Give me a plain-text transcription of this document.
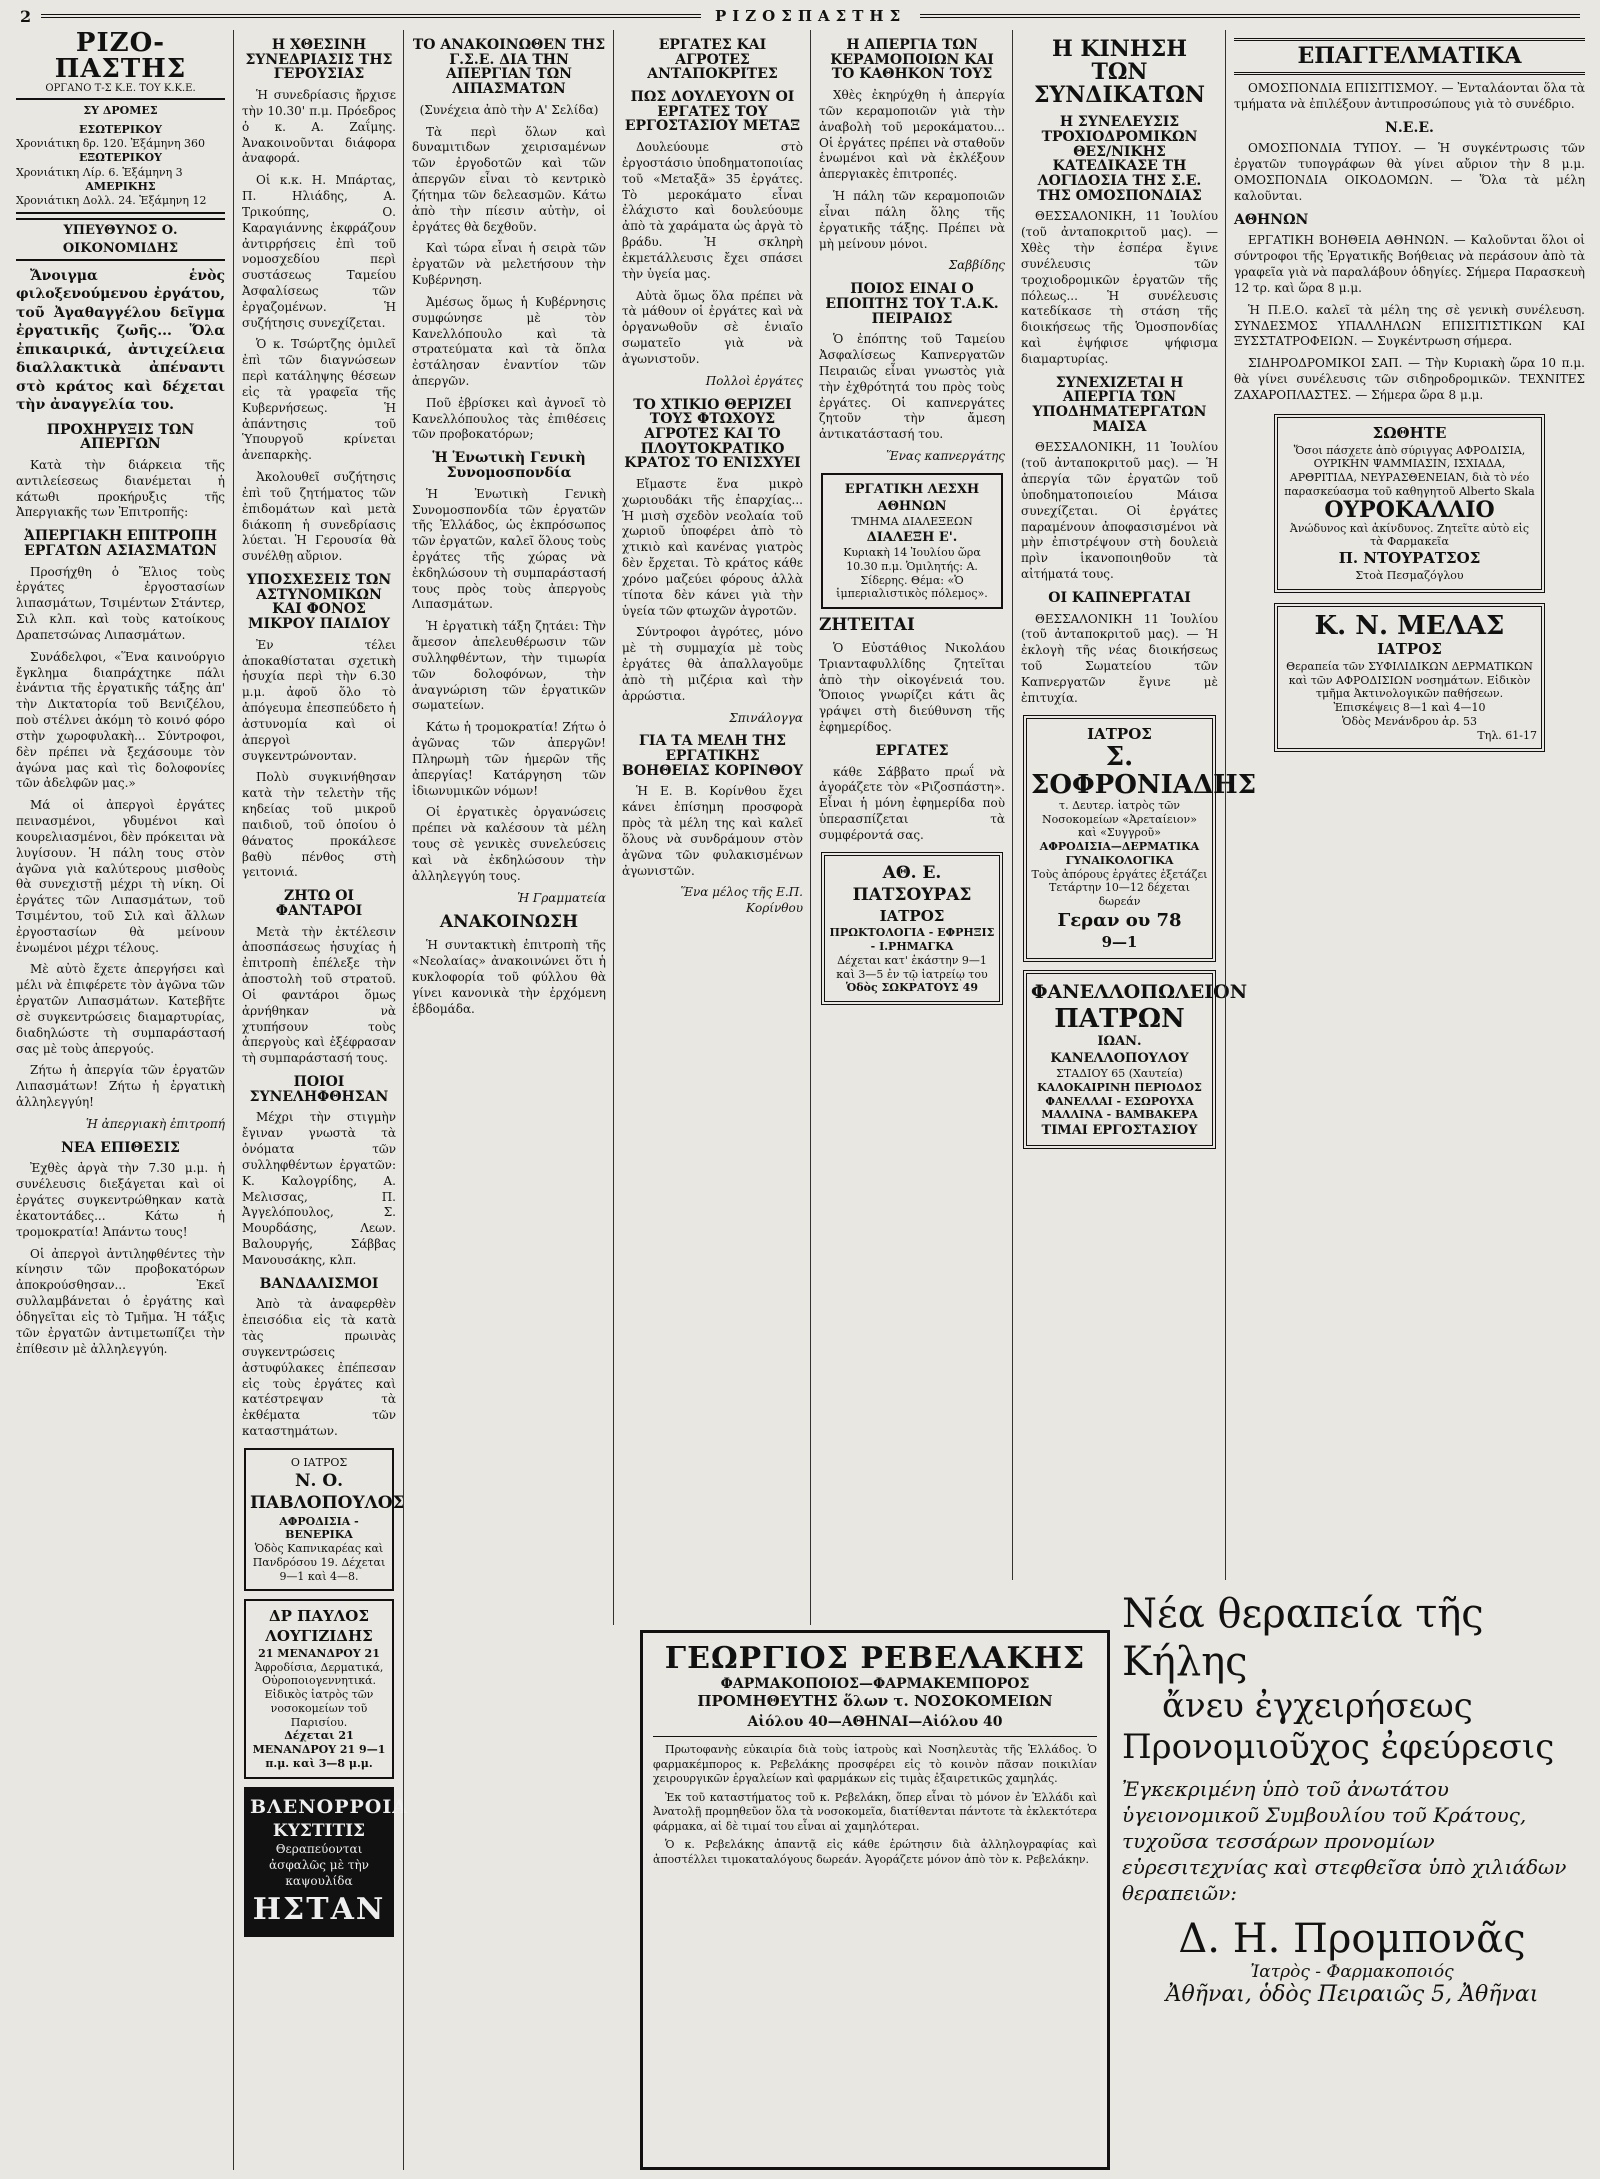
2	ΡΙΖΟΣΠΑΣΤΗΣ
ΡΙΖΟ-ΠΑΣΤΗΣ
ΟΡΓΑΝΟ Τ-Σ Κ.Ε. ΤΟΥ Κ.Κ.Ε.
ΣΥ ΔΡΟΜΕΣ
ΕΣΩΤΕΡΙΚΟΥ
Χρονιάτικη δρ. 120. Ἑξάμηνη 360
ΕΞΩΤΕΡΙΚΟΥ
Χρονιάτικη Λίρ. 6. Ἑξάμηνη 3
ΑΜΕΡΙΚΗΣ
Χρονιάτικη Δολλ. 24. Ἑξάμηνη 12
ΥΠΕΥΘΥΝΟΣ Ο. ΟΙΚΟΝΟΜΙΔΗΣ

Ἄνοιγμα ἑνὸς φιλοξενούμενου ἐργάτου, τοῦ Ἀγαθαγγέλου δεῖγμα ἐργατικῆς ζωῆς... Ὅλα ἐπικαιρικά, ἀντιχείλεια διαλλακτικὰ ἀπέναντι στὸ κράτος καὶ δέχεται τὴν ἀναγγελία του.

ΠΡΟΧΗΡΥΞΙΣ ΤΩΝ ΑΠΕΡΓΩΝ

Κατὰ τὴν διάρκεια τῆς αντιλείεσεως διανέμεται ἡ κάτωθι προκήρυξις τῆς Ἀπεργιακῆς των Ἐπιτροπῆς:

ἈΠΕΡΓΙΑΚΗ ΕΠΙΤΡΟΠΗ ΕΡΓΑΤΩΝ ΑΣΙΑΣΜΑΤΩΝ

Προσήχθη ὁ Ἔλιος τοὺς ἐργάτες ἐργοστασίων λιπασμάτων, Τσιμέντων Στάντερ, Σιλ κλπ. καὶ τοὺς κατοίκους Δραπετσώνας Λιπασμάτων.

Συνάδελφοι, «Ἕνα καινούργιο ἔγκλημα διαπράχτηκε πάλι ἐνάντια τῆς ἐργατικῆς τάξης ἀπ' τὴν Δικτατορία τοῦ Βενιζέλου, ποὺ στέλνει ἀκόμη τὸ κοινό φόρο στὴν χωροφυλακὴ... Σύντροφοι, δὲν πρέπει νὰ ξεχάσουμε τὸν ἀγώνα μας καὶ τὶς δολοφονίες τῶν ἀδελφῶν μας.»

Μά οἱ ἀπεργοὶ ἐργάτες πεινασμένοι, γδυμένοι καὶ κουρελιασμένοι, δὲν πρόκειται νὰ λυγίσουν. Ἡ πάλη τους στὸν ἀγῶνα γιὰ καλύτερους μισθοὺς θὰ συνεχιστῇ μέχρι τὴ νίκη. Οἱ ἐργάτες τῶν Λιπασμάτων, τοῦ Τσιμέντου, τοῦ Σιλ καὶ ἄλλων ἐργοστασίων θὰ μείνουν ἑνωμένοι μέχρι τέλους.

Μὲ αὐτὸ ἔχετε ἀπεργήσει καὶ μέλι νὰ ἐπιφέρετε τὸν ἀγῶνα τῶν ἐργατῶν Λιπασμάτων. Κατεβῆτε σὲ συγκεντρώσεις διαμαρτυρίας, διαδηλώστε τὴ συμπαράστασή σας μὲ τοὺς ἀπεργούς.

Ζήτω ἡ ἀπεργία τῶν ἐργατῶν Λιπασμάτων! Ζήτω ἡ ἐργατικὴ ἀλληλεγγύη!

Ἡ ἀπεργιακὴ ἐπιτροπή
ΝΕΑ ΕΠΙΘΕΣΙΣ

Ἐχθὲς ἀργὰ τὴν 7.30 μ.μ. ἡ συνέλευσις διεξάγεται καὶ οἱ ἐργάτες συγκεντρώθηκαν κατὰ ἑκατοντάδες... Κάτω ἡ τρομοκρατία! Ἀπάντω τους!

Οἱ ἀπεργοὶ ἀντιληφθέντες τὴν κίνησιν τῶν προβοκατόρων ἀποκρούσθησαν... Ἐκεῖ συλλαμβάνεται ὁ ἐργάτης καὶ ὁδηγεῖται εἰς τὸ Τμῆμα. Ἡ τάξις τῶν ἐργατῶν ἀντιμετωπίζει τὴν ἐπίθεσιν μὲ ἀλληλεγγύη.

Η ΧΘΕΣΙΝΗ ΣΥΝΕΔΡΙΑΣΙΣ ΤΗΣ ΓΕΡΟΥΣΙΑΣ

Ἡ συνεδρίασις ἤρχισε τὴν 10.30' π.μ. Πρόεδρος ὁ κ. Α. Ζαΐμης. Ἀνακοινοῦνται διάφορα ἀναφορά.

Οἱ κ.κ. Η. Μπάρτας, Π. Ηλιάδης, Α. Τρικούπης, Ο. Καραγιάννης ἐκφράζουν ἀντιρρήσεις ἐπὶ τοῦ νομοσχεδίου περὶ συστάσεως Ταμείου Ἀσφαλίσεως τῶν ἐργαζομένων. Ἡ συζήτησις συνεχίζεται.

Ὁ κ. Τσώρτζης ὁμιλεῖ ἐπὶ τῶν διαγνώσεων περὶ κατάληψης θέσεων εἰς τὰ γραφεῖα τῆς Κυβερνήσεως. Ἡ ἀπάντησις τοῦ Ὑπουργοῦ κρίνεται ἀνεπαρκὴς.

Ἀκολουθεῖ συζήτησις ἐπὶ τοῦ ζητήματος τῶν ἐπιδομάτων καὶ μετὰ διάκοπη ἡ συνεδρίασις λύεται. Ἡ Γερουσία θὰ συνέλθῃ αὔριον.

ΥΠΟΣΧΕΣΕΙΣ ΤΩΝ ΑΣΤΥΝΟΜΙΚΩΝ ΚΑΙ ΦΟΝΟΣ ΜΙΚΡΟΥ ΠΑΙΔΙΟΥ

Ἐν τέλει ἀποκαθίσταται σχετικὴ ἡσυχία περὶ τὴν 6.30 μ.μ. ἀφοῦ ὅλο τὸ ἀπόγευμα ἐπεσπεύδετο ἡ ἀστυνομία καὶ οἱ ἀπεργοὶ συγκεντρώνονταν.

Πολὺ συγκινήθησαν κατὰ τὴν τελετὴν τῆς κηδείας τοῦ μικροῦ παιδιοῦ, τοῦ ὁποίου ὁ θάνατος προκάλεσε βαθὺ πένθος στὴ γειτονιά.

ΖΗΤΩ ΟΙ ΦΑΝΤΑΡΟΙ

Μετὰ τὴν ἐκτέλεσιν ἀποσπάσεως ἡσυχίας ἡ ἐπιτροπὴ ἐπέλεξε τὴν ἀποστολὴ τοῦ στρατοῦ. Οἱ φαντάροι ὅμως ἀρνήθηκαν νὰ χτυπήσουν τοὺς ἀπεργοὺς καὶ ἐξέφρασαν τὴ συμπαράστασή τους.

ΠΟΙΟΙ ΣΥΝΕΛΗΦΘΗΣΑΝ

Μέχρι τὴν στιγμὴν ἔγιναν γνωστὰ τὰ ὀνόματα τῶν συλληφθέντων ἐργατῶν: Κ. Καλογρίδης, Α. Μελισσας, Π. Ἀγγελόπουλος, Σ. Μουρδάσης, Λεων. Βαλουργής, Σάββας Μανουσάκης, κλπ.

ΒΑΝΔΑΛΙΣΜΟΙ

Ἀπὸ τὰ ἀναφερθὲν ἐπεισόδια εἰς τὰ κατὰ τὰς πρωινὰς συγκεντρώσεις ἀστυφύλακες ἐπέπεσαν εἰς τοὺς ἐργάτες καὶ κατέστρεψαν τὰ ἐκθέματα τῶν καταστημάτων.

Ο ΙΑΤΡΟΣ
Ν. Ο. ΠΑΒΛΟΠΟΥΛΟΣ
ΑΦΡΟΔΙΣΙΑ - ΒΕΝΕΡΙΚΑ
Ὁδὸς Καπνικαρέας καὶ Πανδρόσου 19. Δέχεται 9—1 καὶ 4—8.
ΔΡ ΠΑΥΛΟΣ ΛΟΥΓΙΖΙΔΗΣ
21 ΜΕΝΑΝΔΡΟΥ 21
Ἀφροδίσια, Δερματικά, Οὐροποιογεννητικά. Εἰδικὸς ἰατρὸς τῶν νοσοκομείων τοῦ Παρισίου.
Δέχεται 21 ΜΕΝΑΝΔΡΟΥ 21 9—1 π.μ. καὶ 3—8 μ.μ.
ΒΛΕΝΟΡΡΟΙΑ
ΚΥΣΤΙΤΙΣ
Θεραπεύονται ἀσφαλῶς μὲ τὴν καψουλίδα
ΗΣΤΑΝ
ΤΟ ΑΝΑΚΟΙΝΩΘΕΝ ΤΗΣ Γ.Σ.Ε. ΔΙΑ ΤΗΝ ΑΠΕΡΓΙΑΝ ΤΩΝ ΛΙΠΑΣΜΑΤΩΝ

(Συνέχεια ἀπὸ τὴν Α' Σελίδα)

Τὰ περὶ ὅλων καὶ δυναμιτιδων χειρισαμένων τῶν ἐργοδοτῶν καὶ τῶν ἀπεργῶν εἶναι τὸ κεντρικὸ ζήτημα τῶν δελεασμῶν. Κάτω ἀπὸ τὴν πίεσιν αὐτὴν, οἱ ἐργάτες θὰ δεχθοῦν.

Καὶ τώρα εἶναι ἡ σειρὰ τῶν ἐργατῶν νὰ μελετήσουν τὴν Κυβέρνηση.

Ἀμέσως ὅμως ἡ Κυβέρνησις συμφώνησε μὲ τὸν Κανελλόπουλο καὶ τὰ στρατεύματα καὶ τὰ ὅπλα ἐστάλησαν ἐναντίον τῶν ἀπεργῶν.

Ποῦ ἐβρίσκει καὶ ἀγνοεῖ τὸ Κανελλόπουλος τὰς ἐπιθέσεις τῶν προβοκατόρων;

Ἡ Ἑνωτικὴ Γενικὴ Συνομοσπονδία

Ἡ Ἑνωτικὴ Γενικὴ Συνομοσπονδία τῶν ἐργατῶν τῆς Ἑλλάδος, ὡς ἐκπρόσωπος τῶν ἐργατῶν, καλεῖ ὅλους τοὺς ἐργάτες τῆς χώρας νὰ ἐκδηλώσουν τὴ συμπαράστασή τους πρὸς τοὺς ἀπεργοὺς Λιπασμάτων.

Ἡ ἐργατικὴ τάξη ζητάει: Τὴν ἄμεσον ἀπελευθέρωσιν τῶν συλληφθέντων, τὴν τιμωρία τῶν δολοφόνων, τὴν ἀναγνώριση τῶν ἐργατικῶν σωματείων.

Κάτω ἡ τρομοκρατία! Ζήτω ὁ ἀγῶνας τῶν ἀπεργῶν! Πληρωμὴ τῶν ἡμερῶν τῆς ἀπεργίας! Κατάργηση τῶν ἰδιωνυμικῶν νόμων!

Οἱ ἐργατικὲς ὀργανώσεις πρέπει νὰ καλέσουν τὰ μέλη τους σὲ γενικὲς συνελεύσεις καὶ νὰ ἐκδηλώσουν τὴν ἀλληλεγγύη τους.

Ἡ Γραμματεία
ΑΝΑΚΟΙΝΩΣΗ

Ἡ συντακτικὴ ἐπιτροπὴ τῆς «Νεολαίας» ἀνακοινώνει ὅτι ἡ κυκλοφορία τοῦ φύλλου θὰ γίνει κανονικὰ τὴν ἐρχόμενη ἑβδομάδα.

ΕΡΓΑΤΕΣ ΚΑΙ ΑΓΡΟΤΕΣ ΑΝΤΑΠΟΚΡΙΤΕΣ
ΠΩΣ ΔΟΥΛΕΥΟΥΝ ΟΙ ΕΡΓΑΤΕΣ ΤΟΥ ΕΡΓΟΣΤΑΣΙΟΥ ΜΕΤΑΞ

Δουλεύουμε στὸ ἐργοστάσιο ὑποδηματοποιίας τοῦ «Μεταξᾶ» 35 ἐργάτες. Τὸ μεροκάματο εἶναι ἐλάχιστο καὶ δουλεύουμε ἀπὸ τὰ χαράματα ὡς ἀργὰ τὸ βράδυ. Ἡ σκληρὴ ἐκμετάλλευσις ἔχει σπάσει τὴν ὑγεία μας.

Αὐτὰ ὅμως ὅλα πρέπει νὰ τὰ μάθουν οἱ ἐργάτες καὶ νὰ ὀργανωθοῦν σὲ ἑνιαῖο σωματεῖο γιὰ νὰ ἀγωνιστοῦν.

Πολλοὶ ἐργάτες
ΤΟ ΧΤΙΚΙΟ ΘΕΡΙΖΕΙ ΤΟΥΣ ΦΤΩΧΟΥΣ ΑΓΡΟΤΕΣ ΚΑΙ ΤΟ ΠΛΟΥΤΟΚΡΑΤΙΚΟ ΚΡΑΤΟΣ ΤΟ ΕΝΙΣΧΥΕΙ

Εἴμαστε ἕνα μικρὸ χωριουδάκι τῆς ἐπαρχίας... Ἡ μισὴ σχεδὸν νεολαία τοῦ χωριοῦ ὑποφέρει ἀπὸ τὸ χτικιὸ καὶ κανένας γιατρὸς δὲν ἔρχεται. Τὸ κράτος κάθε χρόνο μαζεύει φόρους ἀλλὰ τίποτα δὲν κάνει γιὰ τὴν ὑγεία τῶν φτωχῶν ἀγροτῶν.

Σύντροφοι ἀγρότες, μόνο μὲ τὴ συμμαχία μὲ τοὺς ἐργάτες θὰ ἀπαλλαγοῦμε ἀπὸ τὴ μιζέρια καὶ τὴν ἀρρώστια.

Σπινάλογγα
ΓΙΑ ΤΑ ΜΕΛΗ ΤΗΣ ΕΡΓΑΤΙΚΗΣ ΒΟΗΘΕΙΑΣ ΚΟΡΙΝΘΟΥ

Ἡ Ε. Β. Κορίνθου ἔχει κάνει ἐπίσημη προσφορὰ πρὸς τὰ μέλη της καὶ καλεῖ ὅλους νὰ συνδράμουν στὸν ἀγῶνα τῶν φυλακισμένων ἀγωνιστῶν.

Ἕνα μέλος τῆς Ε.Π. Κορίνθου
Η ΑΠΕΡΓΙΑ ΤΩΝ ΚΕΡΑΜΟΠΟΙΩΝ ΚΑΙ ΤΟ ΚΑΘΗΚΟΝ ΤΟΥΣ

Χθὲς ἐκηρύχθη ἡ ἀπεργία τῶν κεραμοποιῶν γιὰ τὴν ἀναβολὴ τοῦ μεροκάματου... Οἱ ἐργάτες πρέπει νὰ σταθοῦν ἑνωμένοι καὶ νὰ ἐκλέξουν ἀπεργιακὲς ἐπιτροπές.

Ἡ πάλη τῶν κεραμοποιῶν εἶναι πάλη ὅλης τῆς ἐργατικῆς τάξης. Πρέπει νὰ μὴ μείνουν μόνοι.

Σαββίδης
ΠΟΙΟΣ ΕΙΝΑΙ Ο ΕΠΟΠΤΗΣ ΤΟΥ Τ.Α.Κ. ΠΕΙΡΑΙΩΣ

Ὁ ἐπόπτης τοῦ Ταμείου Ἀσφαλίσεως Καπνεργατῶν Πειραιῶς εἶναι γνωστὸς γιὰ τὴν ἐχθρότητά του πρὸς τοὺς ἐργάτες. Οἱ καπνεργάτες ζητοῦν τὴν ἄμεση ἀντικατάστασή του.

Ἕνας καπνεργάτης
ΕΡΓΑΤΙΚΗ ΛΕΣΧΗ ΑΘΗΝΩΝ
ΤΜΗΜΑ ΔΙΑΛΕΞΕΩΝ
ΔΙΑΛΕΞΗ Ε'.
Κυριακὴ 14 Ἰουλίου ὥρα 10.30 π.μ. Ὁμιλητής: Α. Σίδερης. Θέμα: «Ὁ ἱμπεριαλιστικὸς πόλεμος».
ΖΗΤΕΙΤΑΙ

Ὁ Εὐστάθιος Νικολάου Τριανταφυλλίδης ζητεῖται ἀπὸ τὴν οἰκογένειά του. Ὅποιος γνωρίζει κάτι ἂς γράψει στὴ διεύθυνση τῆς ἐφημερίδος.

ΕΡΓΑΤΕΣ

κάθε Σάββατο πρωΐ νὰ ἀγοράζετε τὸν «Ριζοσπάστη». Εἶναι ἡ μόνη ἐφημερίδα ποὺ ὑπερασπίζεται τὰ συμφέροντά σας.

ΑΘ. Ε. ΠΑΤΣΟΥΡΑΣ
ΙΑΤΡΟΣ
ΠΡΩΚΤΟΛΟΓΙΑ - ΕΦΡΗΞΙΣ - Ι.ΡΗΜΑΓΚΑ
Δέχεται κατ' ἑκάστην 9—1 καὶ 3—5 ἐν τῷ ἰατρείῳ του
Ὁδὸς ΣΩΚΡΑΤΟΥΣ 49
Η ΚΙΝΗΣΗ ΤΩΝ ΣΥΝΔΙΚΑΤΩΝ
Η ΣΥΝΕΛΕΥΣΙΣ ΤΡΟΧΙΟΔΡΟΜΙΚΩΝ ΘΕΣ/ΝΙΚΗΣ ΚΑΤΕΔΙΚΑΣΕ ΤΗ ΛΟΓΙΔΟΣΙΑ ΤΗΣ Σ.Ε. ΤΗΣ ΟΜΟΣΠΟΝΔΙΑΣ

ΘΕΣΣΑΛΟΝΙΚΗ, 11 Ἰουλίου (τοῦ ἀνταποκριτοῦ μας). — Χθὲς τὴν ἑσπέρα ἔγινε συνέλευσις τῶν τροχιοδρομικῶν ἐργατῶν τῆς πόλεως... Ἡ συνέλευσις κατεδίκασε τὴ στάση τῆς διοικήσεως τῆς Ὁμοσπονδίας καὶ ἐψήφισε ψήφισμα διαμαρτυρίας.

ΣΥΝΕΧΙΖΕΤΑΙ Η ΑΠΕΡΓΙΑ ΤΩΝ ΥΠΟΔΗΜΑΤΕΡΓΑΤΩΝ ΜΑΙΣΑ

ΘΕΣΣΑΛΟΝΙΚΗ, 11 Ἰουλίου (τοῦ ἀνταποκριτοῦ μας). — Ἡ ἀπεργία τῶν ἐργατῶν τοῦ ὑποδηματοποιείου Μάισα συνεχίζεται. Οἱ ἐργάτες παραμένουν ἀποφασισμένοι νὰ μὴν ἐπιστρέψουν στὴ δουλειὰ πρὶν ἱκανοποιηθοῦν τὰ αἰτήματά τους.

ΟΙ ΚΑΠΝΕΡΓΑΤΑΙ

ΘΕΣΣΑΛΟΝΙΚΗ 11 Ἰουλίου (τοῦ ἀνταποκριτοῦ μας). — Ἡ ἐκλογὴ τῆς νέας διοικήσεως τοῦ Σωματείου τῶν Καπνεργατῶν ἔγινε μὲ ἐπιτυχία.

ΙΑΤΡΟΣ
Σ. ΣΟΦΡΟΝΙΑΔΗΣ
τ. Δευτερ. ἰατρὸς τῶν Νοσοκομείων «Ἀρεταίειον» καὶ «Συγγροῦ»
ΑΦΡΟΔΙΣΙΑ—ΔΕΡΜΑΤΙΚΑ ΓΥΝΑΙΚΟΛΟΓΙΚΑ
Τοὺς ἀπόρους ἐργάτες ἐξετάζει Τετάρτην 10—12 δέχεται δωρεάν
Γεραν ου 78
9—1
ΦΑΝΕΛΛΟΠΩΛΕΙΟΝ
ΠΑΤΡΩΝ
ΙΩΑΝ. ΚΑΝΕΛΛΟΠΟΥΛΟΥ
ΣΤΑΔΙΟΥ 65 (Χαυτεία)
ΚΑΛΟΚΑΙΡΙΝΗ ΠΕΡΙΟΔΟΣ
ΦΑΝΕΛΛΑΙ - ΕΣΩΡΟΥΧΑ
ΜΑΛΛΙΝΑ - ΒΑΜΒΑΚΕΡΑ
ΤΙΜΑΙ ΕΡΓΟΣΤΑΣΙΟΥ
ΕΠΑΓΓΕΛΜΑΤΙΚΑ

ΟΜΟΣΠΟΝΔΙΑ ΕΠΙΣΙΤΙΣΜΟΥ. — Ἐνταλάονται ὅλα τὰ τμήματα νὰ ἐπιλέξουν ἀντιπροσώπους γιὰ τὸ συνέδριο.

Ν.Ε.Ε.

ΟΜΟΣΠΟΝΔΙΑ ΤΥΠΟΥ. — Ἡ συγκέντρωσις τῶν ἐργατῶν τυπογράφων θὰ γίνει αὔριον τὴν 8 μ.μ. ΟΜΟΣΠΟΝΔΙΑ ΟΙΚΟΔΟΜΩΝ. — Ὅλα τὰ μέλη καλοῦνται.

ΑΘΗΝΩΝ

ΕΡΓΑΤΙΚΗ ΒΟΗΘΕΙΑ ΑΘΗΝΩΝ. — Καλοῦνται ὅλοι οἱ σύντροφοι τῆς Ἐργατικῆς Βοήθειας νὰ περάσουν ἀπὸ τὰ γραφεῖα γιὰ νὰ παραλάβουν ὁδηγίες. Σήμερα Παρασκευὴ 12 τρ. καὶ ὥρα 8 μ.μ.

Ἡ Π.Ε.Ο. καλεῖ τὰ μέλη της σὲ γενικὴ συνέλευση. ΣΥΝΔΕΣΜΟΣ ΥΠΑΛΛΗΛΩΝ ΕΠΙΣΙΤΙΣΤΙΚΩΝ ΚΑΙ ΞΥΣΣΤΑΤΡΟΦΕΙΩΝ. — Συγκέντρωση σήμερα.

ΣΙΔΗΡΟΔΡΟΜΙΚΟΙ ΣΑΠ. — Τὴν Κυριακὴ ὥρα 10 π.μ. θὰ γίνει συνέλευσις τῶν σιδηροδρομικῶν. ΤΕΧΝΙΤΕΣ ΖΑΧΑΡΟΠΛΑΣΤΕΣ. — Σήμερα ὥρα 8 μ.μ.

ΣΩΘΗΤΕ
Ὅσοι πάσχετε ἀπὸ σύριγγας ΑΦΡΟΔΙΣΙΑ, ΟΥΡΙΚΗΝ ΨΑΜΜΙΑΣΙΝ, ΙΣΧΙΑΔΑ, ΑΡΘΡΙΤΙΔΑ, ΝΕΥΡΑΣΘΕΝΕΙΑΝ, διὰ τὸ νέο παρασκεύασμα τοῦ καθηγητοῦ Alberto Skala
ΟΥΡΟΚΑΛΛΙΟ
Ἀνώδυνος καὶ ἀκίνδυνος. Ζητεῖτε αὐτὸ εἰς τὰ Φαρμακεῖα
Π. ΝΤΟΥΡΑΤΣΟΣ
Στοὰ Πεσμαζόγλου
Κ. Ν. ΜΕΛΑΣ
ΙΑΤΡΟΣ
Θεραπεία τῶν ΣΥΦΙΛΙΔΙΚΩΝ ΔΕΡΜΑΤΙΚΩΝ καὶ τῶν ΑΦΡΟΔΙΣΙΩΝ νοσημάτων. Εἰδικὸν τμῆμα Ἀκτινολογικῶν παθήσεων.
Ἐπισκέψεις 8—1 καὶ 4—10
Ὁδὸς Μενάνδρου ἀρ. 53
Τηλ. 61-17
ΓΕΩΡΓΙΟΣ ΡΕΒΕΛΑΚΗΣ
ΦΑΡΜΑΚΟΠΟΙΟΣ—ΦΑΡΜΑΚΕΜΠΟΡΟΣ
ΠΡΟΜΗΘΕΥΤΗΣ ὅλων τ. ΝΟΣΟΚΟΜΕΙΩΝ
Αἰόλου 40—ΑΘΗΝΑΙ—Αἰόλου 40

Πρωτοφανὴς εὐκαιρία διὰ τοὺς ἰατροὺς καὶ Νοσηλευτὰς τῆς Ἑλλάδος. Ὁ φαρμακέμπορος κ. Ρεβελάκης προσφέρει εἰς τὸ κοινὸν πᾶσαν ποικιλίαν χειρουργικῶν ἐργαλείων καὶ φαρμάκων εἰς τιμὰς ἐξαιρετικῶς χαμηλάς.

Ἐκ τοῦ καταστήματος τοῦ κ. Ρεβελάκη, ὅπερ εἶναι τὸ μόνον ἐν Ἑλλάδι καὶ Ἀνατολῇ προμηθεῦον ὅλα τὰ νοσοκομεῖα, διατίθενται πάντοτε τὰ ἐκλεκτότερα φάρμακα, αἱ δὲ τιμαί του εἶναι αἱ χαμηλότεραι.

Ὁ κ. Ρεβελάκης ἀπαντᾷ εἰς κάθε ἐρώτησιν διὰ ἀλληλογραφίας καὶ ἀποστέλλει τιμοκαταλόγους δωρεάν. Ἀγοράζετε μόνον ἀπὸ τὸν κ. Ρεβελάκην.

Νέα θεραπεία τῆς Κήλης
ἄνευ ἐγχειρήσεως
Προνομιοῦχος ἐφεύρεσις
Ἐγκεκριμένη ὑπὸ τοῦ ἀνωτάτου ὑγειονομικοῦ Συμβουλίου τοῦ Κράτους, τυχοῦσα τεσσάρων προνομίων εὑρεσιτεχνίας καὶ στεφθεῖσα ὑπὸ χιλιάδων θεραπειῶν:
Δ. Η. Προμπονᾶς
Ἰατρὸς - Φαρμακοποιός
Ἀθῆναι, ὁδὸς Πειραιῶς 5, Ἀθῆναι
